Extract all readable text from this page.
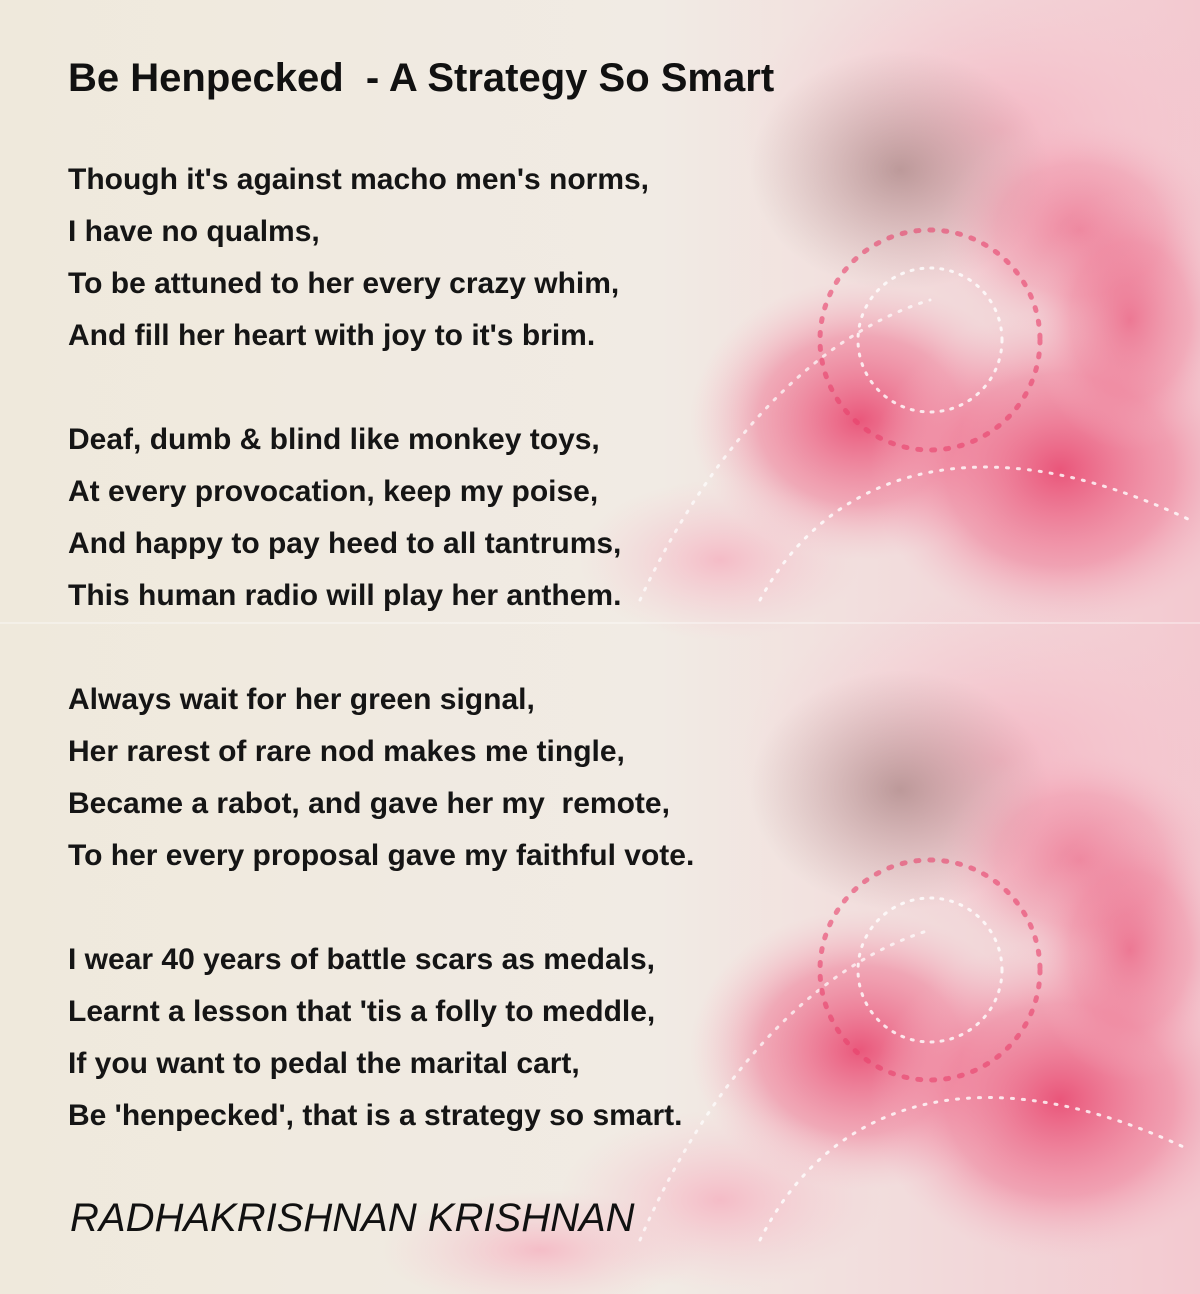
Be Henpecked  - A Strategy So Smart
Though it's against macho men's norms,
I have no qualms,
To be attuned to her every crazy whim,
And fill her heart with joy to it's brim.
Deaf, dumb & blind like monkey toys,
At every provocation, keep my poise,
And happy to pay heed to all tantrums,
This human radio will play her anthem.
Always wait for her green signal,
Her rarest of rare nod makes me tingle,
Became a rabot, and gave her my  remote,
To her every proposal gave my faithful vote.
I wear 40 years of battle scars as medals,
Learnt a lesson that 'tis a folly to meddle,
If you want to pedal the marital cart,
Be 'henpecked', that is a strategy so smart.

RADHAKRISHNAN KRISHNAN
